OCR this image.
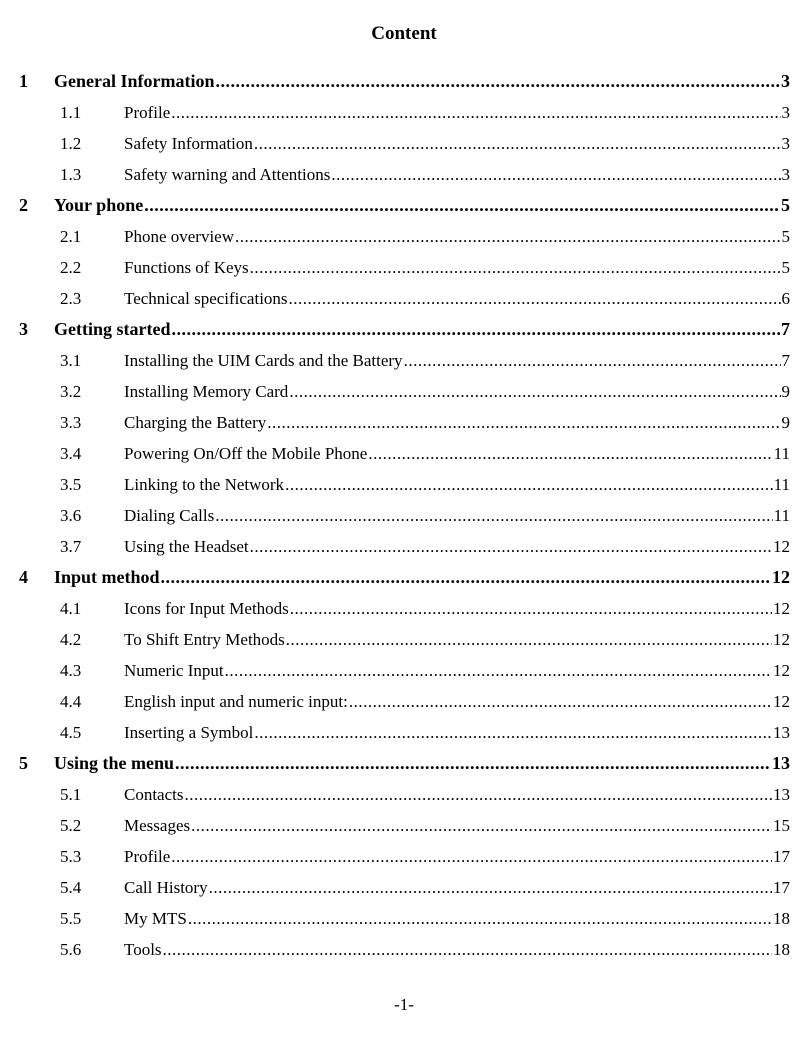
Content
1	General Information .....	3
1.1	Profile .....	3
1.2	Safety Information .....	3
1.3	Safety warning and Attentions .....	3
2	Your phone .....	5
2.1	Phone overview .....	5
2.2	Functions of Keys .....	5
2.3	Technical specifications .....	6
3	Getting started .....	7
3.1	Installing the UIM Cards and the Battery .....	7
3.2	Installing Memory Card .....	9
3.3	Charging the Battery .....	9
3.4	Powering On/Off the Mobile Phone .....	11
3.5	Linking to the Network .....	11
3.6	Dialing Calls .....	11
3.7	Using the Headset .....	12
4	Input method .....	12
4.1	Icons for Input Methods .....	12
4.2	To Shift Entry Methods .....	12
4.3	Numeric Input .....	12
4.4	English input and numeric input: .....	12
4.5	Inserting a Symbol .....	13
5	Using the menu .....	13
5.1	Contacts .....	13
5.2	Messages .....	15
5.3	Profile .....	17
5.4	Call History .....	17
5.5	My MTS .....	18
5.6	Tools .....	18
-1-
